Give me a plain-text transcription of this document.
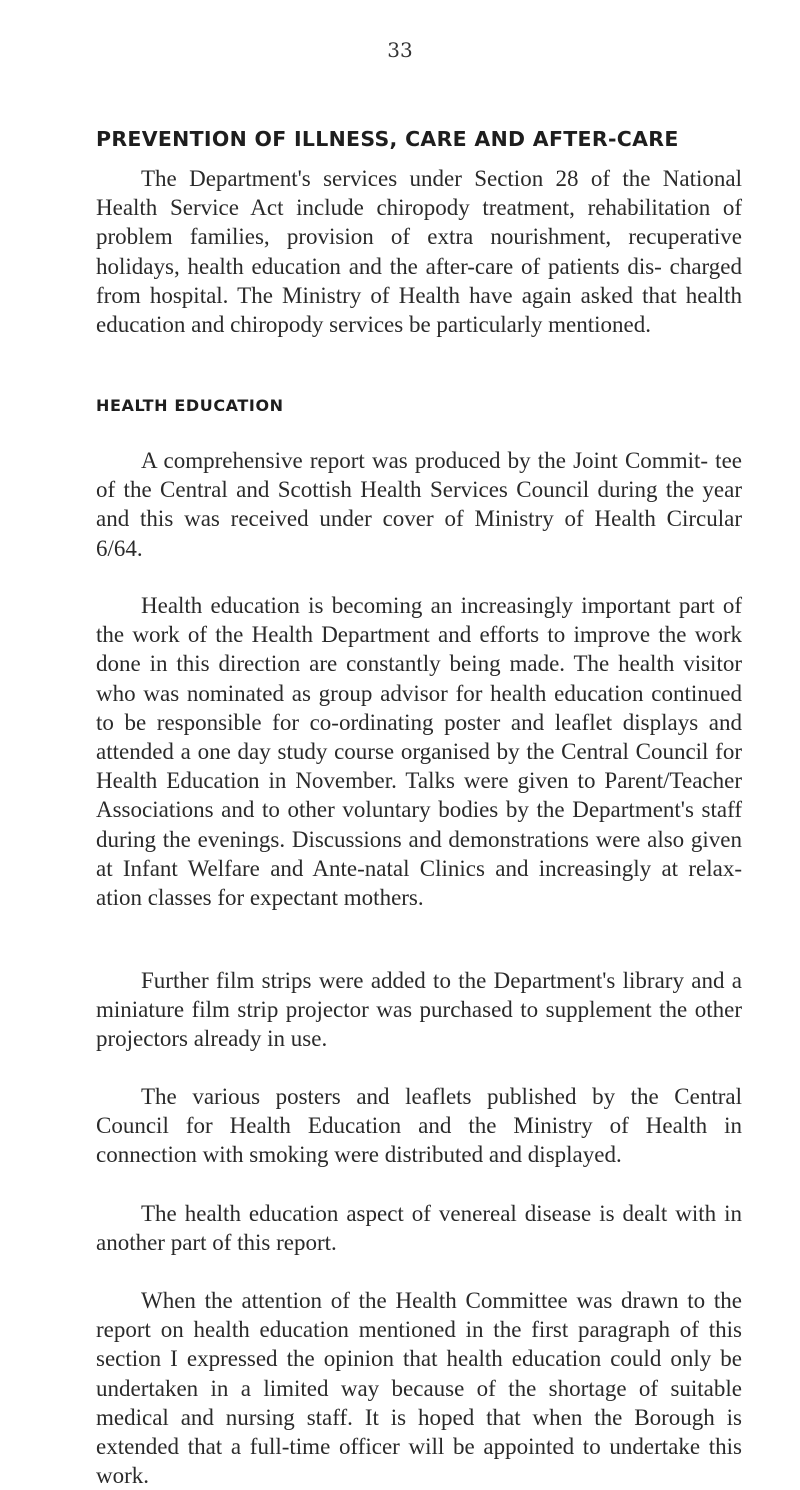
33
PREVENTION OF ILLNESS, CARE AND AFTER-CARE

The Department's services under Section 28 of the National Health Service Act include chiropody treatment, rehabilitation of problem families, provision of extra nourishment, recuperative holidays, health education and the after-care of patients dis- charged from hospital. The Ministry of Health have again asked that health education and chiropody services be particularly mentioned.

HEALTH EDUCATION

A comprehensive report was produced by the Joint Commit- tee of the Central and Scottish Health Services Council during the year and this was received under cover of Ministry of Health Circular 6/64.

Health education is becoming an increasingly important part of the work of the Health Department and efforts to improve the work done in this direction are constantly being made. The health visitor who was nominated as group advisor for health education continued to be responsible for co-ordinating poster and leaflet displays and attended a one day study course organised by the Central Council for Health Education in November. Talks were given to Parent/Teacher Associations and to other voluntary bodies by the Department's staff during the evenings. Discussions and demonstrations were also given at Infant Welfare and Ante-natal Clinics and increasingly at relax- ation classes for expectant mothers.

Further film strips were added to the Department's library and a miniature film strip projector was purchased to supplement the other projectors already in use.

The various posters and leaflets published by the Central Council for Health Education and the Ministry of Health in connection with smoking were distributed and displayed.

The health education aspect of venereal disease is dealt with in another part of this report.

When the attention of the Health Committee was drawn to the report on health education mentioned in the first paragraph of this section I expressed the opinion that health education could only be undertaken in a limited way because of the shortage of suitable medical and nursing staff. It is hoped that when the Borough is extended that a full-time officer will be appointed to undertake this work.
